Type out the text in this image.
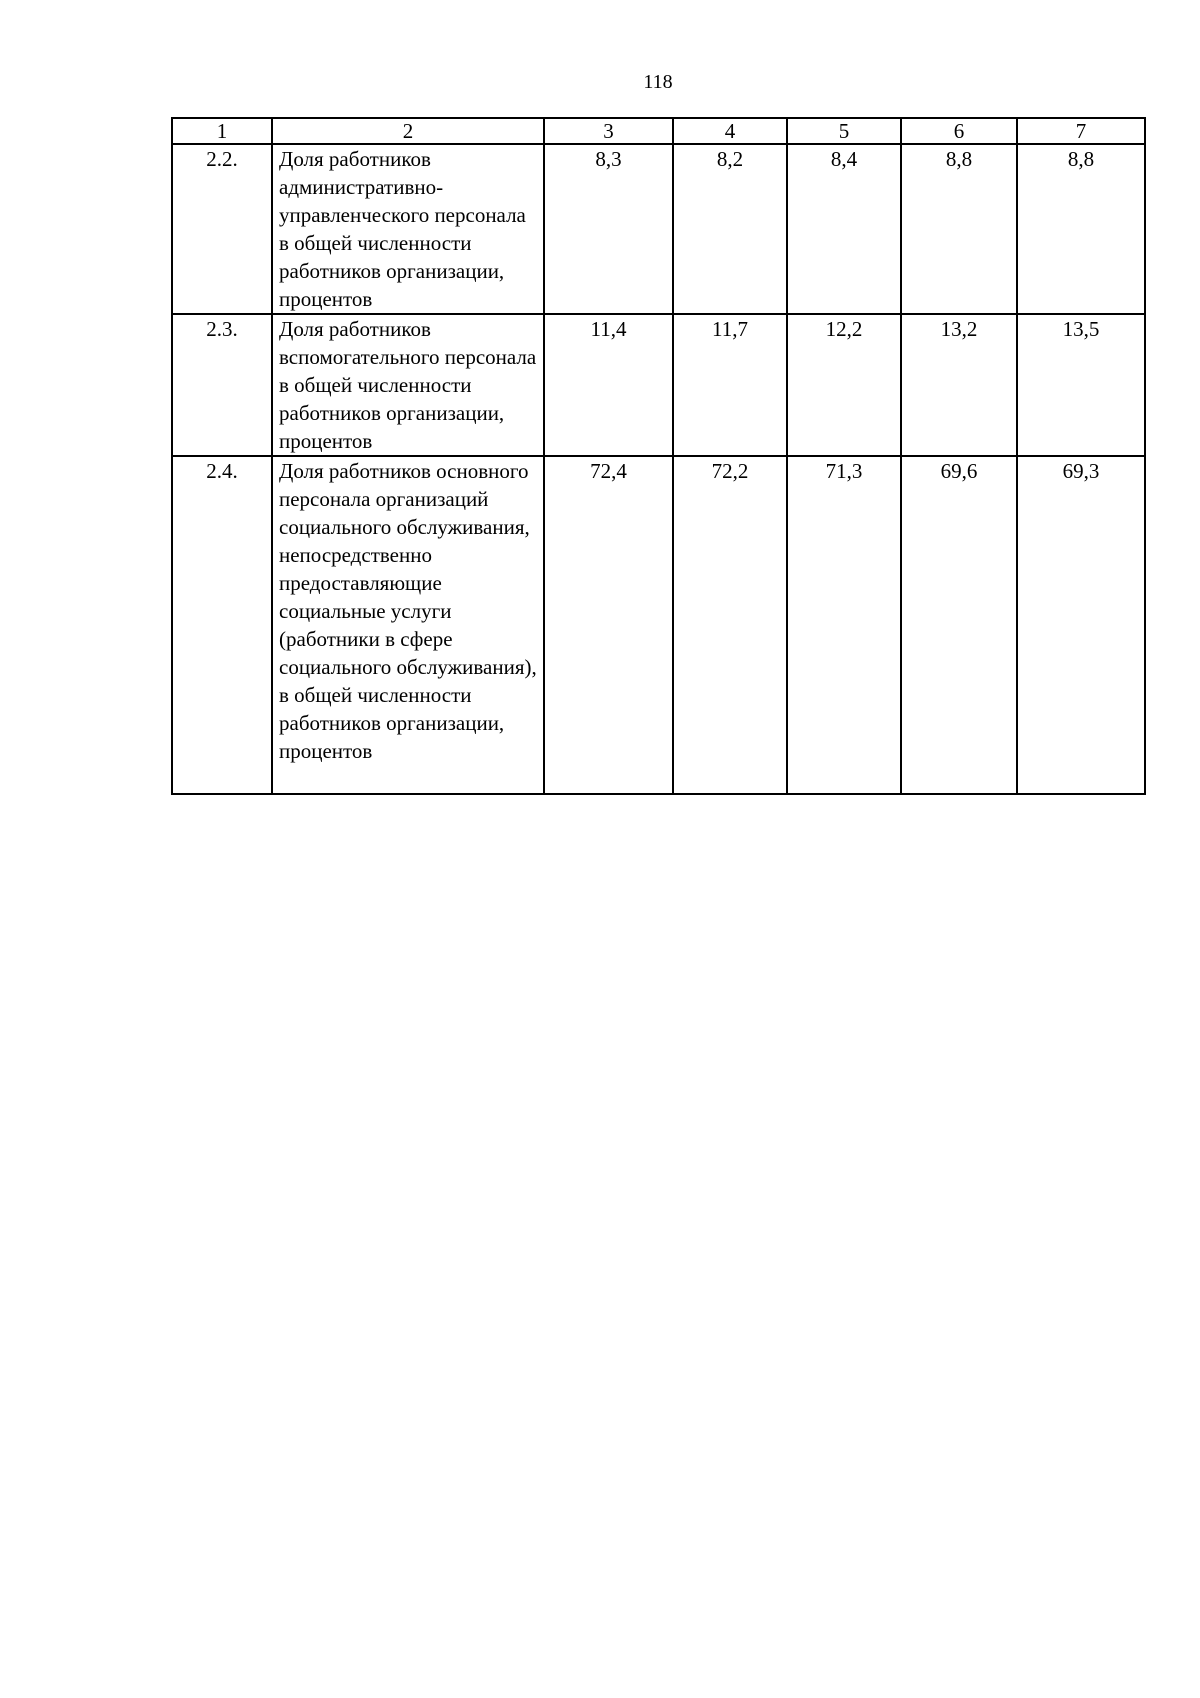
118
1	2	3	4	5	6	7
2.2.	Доля работников административно-управленческого персонала в общей численности работников организации, процентов	8,3	8,2	8,4	8,8	8,8
2.3.	Доля работников вспомогательного персонала в общей численности работников организации, процентов	11,4	11,7	12,2	13,2	13,5
2.4.	Доля работников основного персонала организаций социального обслуживания, непосредственно предоставляющие социальные услуги (работники в сфере социального обслуживания), в общей численности работников организации, процентов	72,4	72,2	71,3	69,6	69,3
